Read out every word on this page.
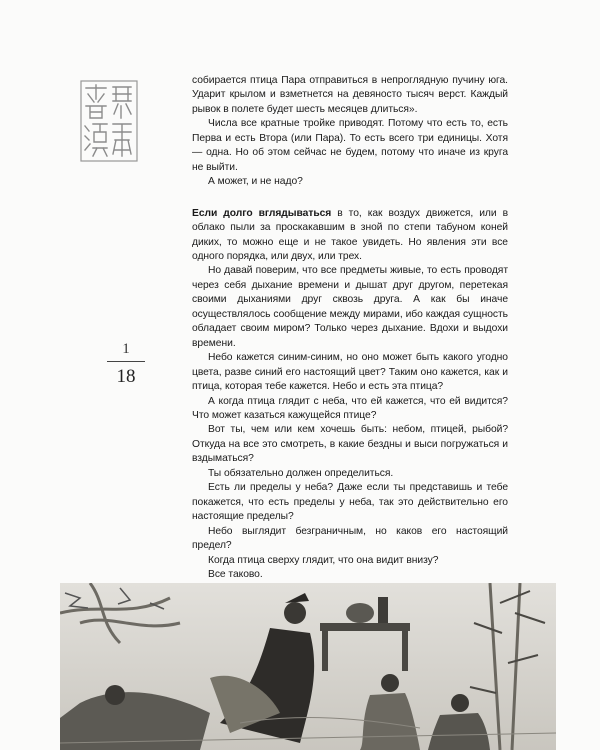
1
18

собирается птица Пара отправиться в непроглядную пучину юга. Ударит крылом и взметнется на девяносто тысяч верст. Каждый рывок в полете будет шесть месяцев длиться».

Числа все кратные тройке приводят. Потому что есть то, есть Перва и есть Втора (или Пара). То есть всего три единицы. Хотя — одна. Но об этом сейчас не будем, потому что иначе из круга не выйти.

А может, и не надо?

Если долго вглядываться в то, как воздух движется, или в облако пыли за проскакавшим в зной по степи табуном коней диких, то можно еще и не такое увидеть. Но явления эти все одного порядка, или двух, или трех.

Но давай поверим, что все предметы живые, то есть проводят через себя дыхание времени и дышат друг другом, перетекая своими дыханиями друг сквозь друга. А как бы иначе осуществлялось сообщение между мирами, ибо каждая сущность обладает своим миром? Только через дыхание. Вдохи и выдохи времени.

Небо кажется синим-синим, но оно может быть какого угодно цвета, разве синий его настоящий цвет? Таким оно кажется, как и птица, которая тебе кажется. Небо и есть эта птица?

А когда птица глядит с неба, что ей кажется, что ей видится? Что может казаться кажущейся птице?

Вот ты, чем или кем хочешь быть: небом, птицей, рыбой? Откуда на все это смотреть, в какие бездны и выси погружаться и вздыматься?

Ты обязательно должен определиться.

Есть ли пределы у неба? Даже если ты представишь и тебе покажется, что есть пределы у неба, так это действительно его настоящие пределы?

Небо выглядит безграничным, но каков его настоящий предел?

Когда птица сверху глядит, что она видит внизу?

Все таково.
